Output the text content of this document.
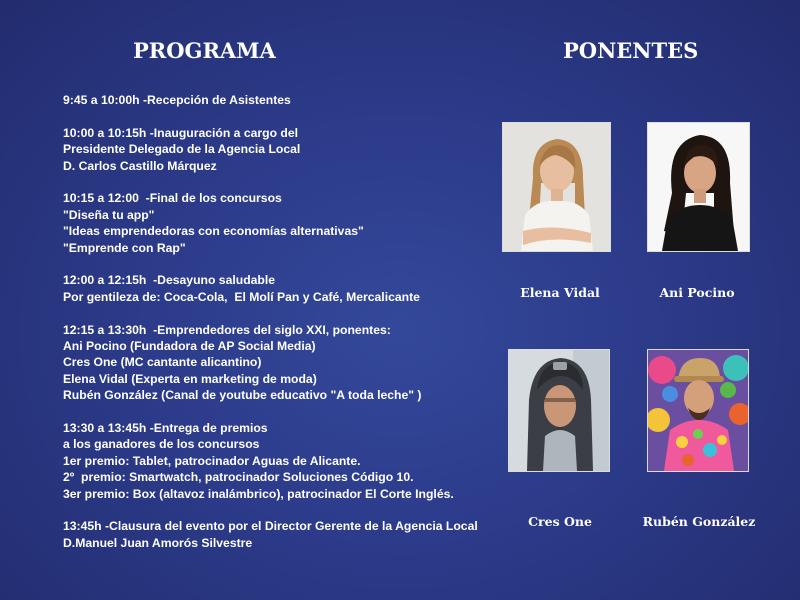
PROGRAMA	PONENTES
9:45 a 10:00h -Recepción de Asistentes
10:00 a 10:15h -Inauguración a cargo del
Presidente Delegado de la Agencia Local
D. Carlos Castillo Márquez
10:15 a 12:00  -Final de los concursos
"Diseña tu app"
"Ideas emprendedoras con economías alternativas"
"Emprende con Rap"
12:00 a 12:15h  -Desayuno saludable
Por gentileza de: Coca-Cola,  El Molí Pan y Café, Mercalicante
12:15 a 13:30h  -Emprendedores del siglo XXI, ponentes:
Ani Pocino (Fundadora de AP Social Media)
Cres One (MC cantante alicantino)
Elena Vidal (Experta en marketing de moda)
Rubén González (Canal de youtube educativo "A toda leche" )
13:30 a 13:45h -Entrega de premios
a los ganadores de los concursos
1er premio: Tablet, patrocinador Aguas de Alicante.
2º  premio: Smartwatch, patrocinador Soluciones Código 10.
3er premio: Box (altavoz inalámbrico), patrocinador El Corte Inglés.
13:45h -Clausura del evento por el Director Gerente de la Agencia Local
D.Manuel Juan Amorós Silvestre
Elena Vidal	Ani Pocino
Cres One	Rubén González
